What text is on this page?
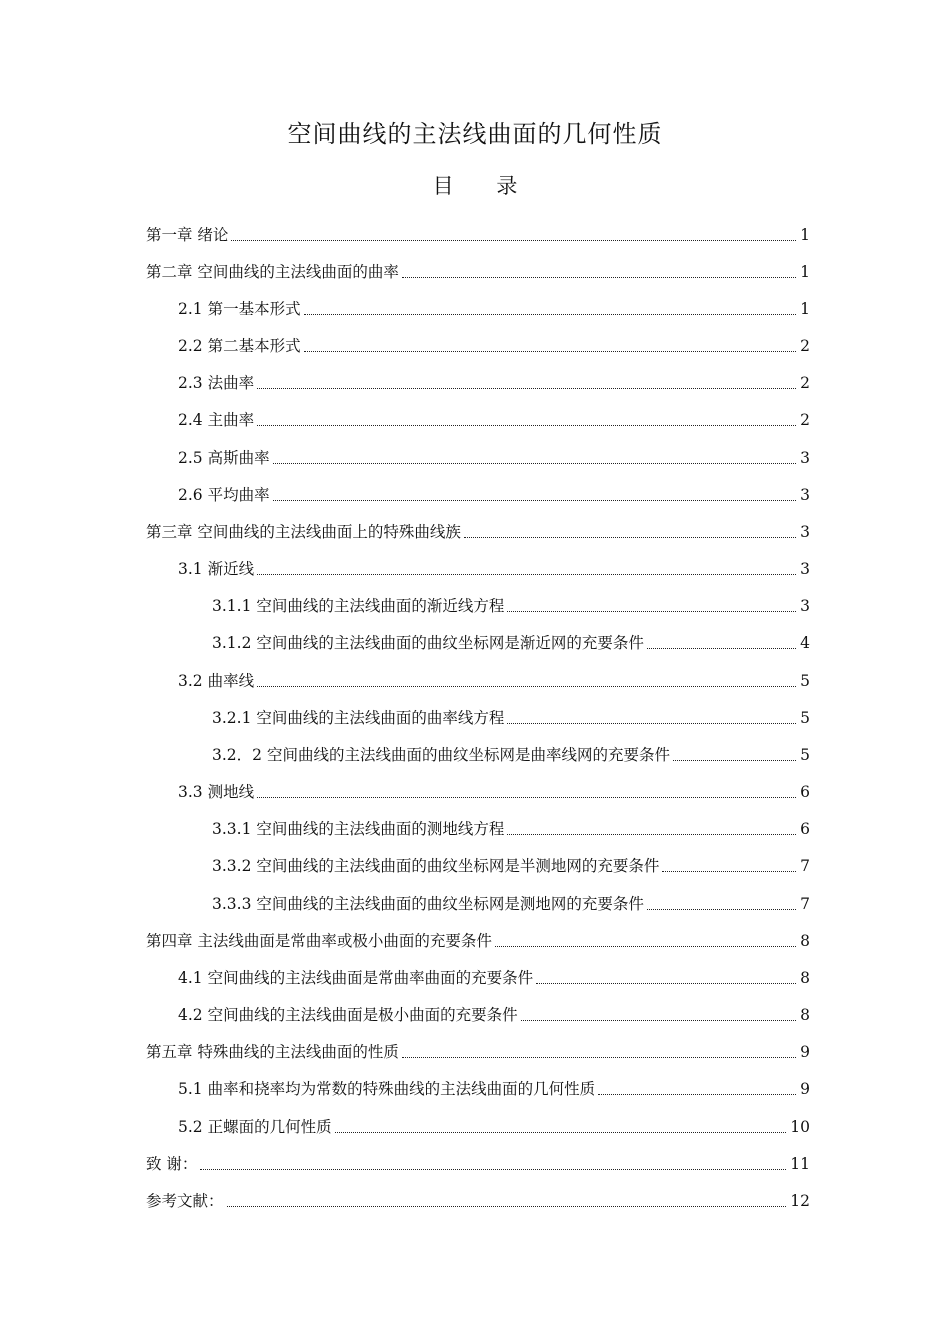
空间曲线的主法线曲面的几何性质
目 录
第一章 绪论	1
第二章 空间曲线的主法线曲面的曲率	1
2.1 第一基本形式	1
2.2 第二基本形式	2
2.3 法曲率	2
2.4 主曲率	2
2.5 高斯曲率	3
2.6 平均曲率	3
第三章 空间曲线的主法线曲面上的特殊曲线族	3
3.1 渐近线	3
3.1.1 空间曲线的主法线曲面的渐近线方程	3
3.1.2 空间曲线的主法线曲面的曲纹坐标网是渐近网的充要条件	4
3.2 曲率线	5
3.2.1 空间曲线的主法线曲面的曲率线方程	5
3.2．2 空间曲线的主法线曲面的曲纹坐标网是曲率线网的充要条件	5
3.3 测地线	6
3.3.1 空间曲线的主法线曲面的测地线方程	6
3.3.2 空间曲线的主法线曲面的曲纹坐标网是半测地网的充要条件	7
3.3.3 空间曲线的主法线曲面的曲纹坐标网是测地网的充要条件	7
第四章 主法线曲面是常曲率或极小曲面的充要条件	8
4.1 空间曲线的主法线曲面是常曲率曲面的充要条件	8
4.2 空间曲线的主法线曲面是极小曲面的充要条件	8
第五章 特殊曲线的主法线曲面的性质	9
5.1 曲率和挠率均为常数的特殊曲线的主法线曲面的几何性质	9
5.2 正螺面的几何性质	10
致 谢：	11
参考文献：	12
